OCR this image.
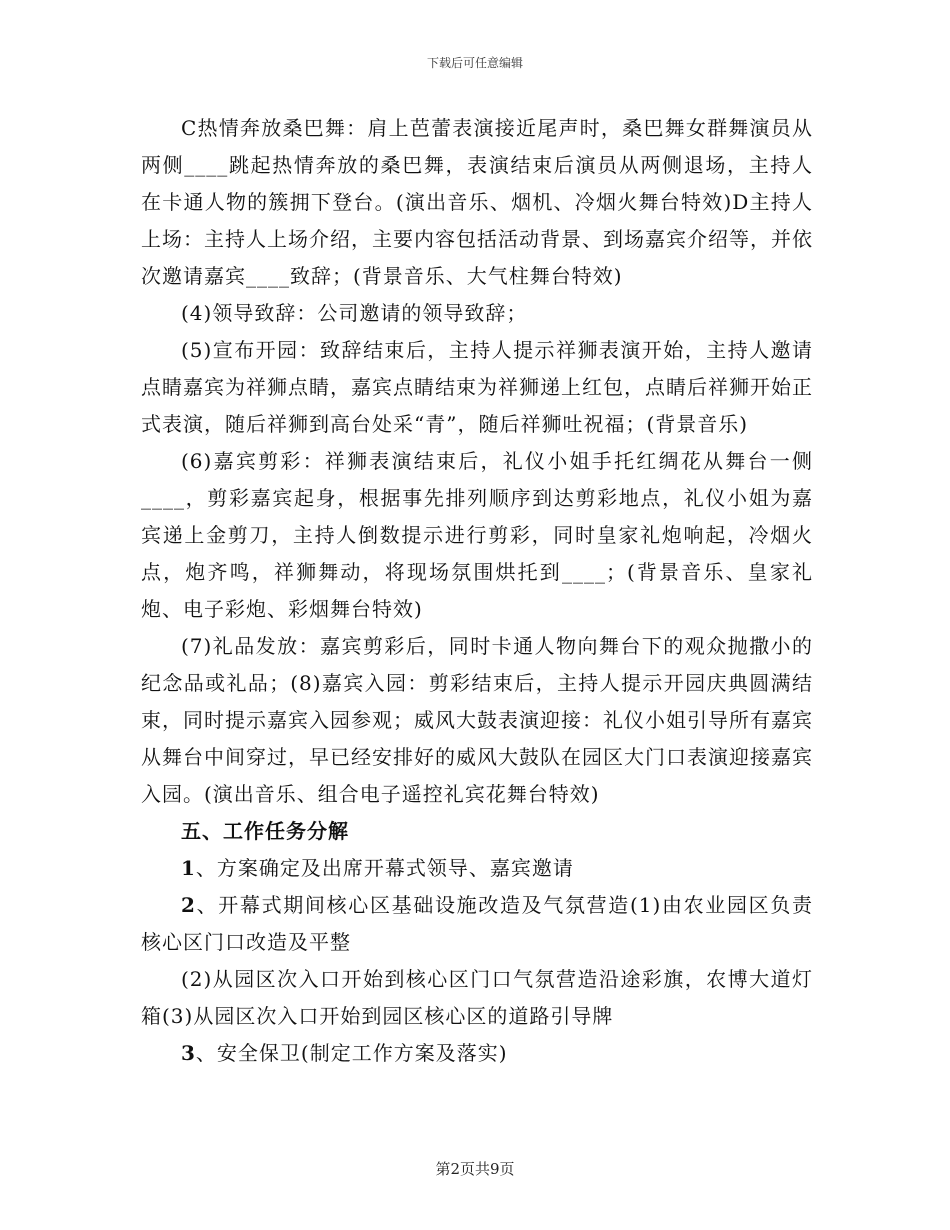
下载后可任意编辑

C热情奔放桑巴舞：肩上芭蕾表演接近尾声时，桑巴舞女群舞演员从两侧____跳起热情奔放的桑巴舞，表演结束后演员从两侧退场，主持人在卡通人物的簇拥下登台。(演出音乐、烟机、冷烟火舞台特效)D主持人上场：主持人上场介绍，主要内容包括活动背景、到场嘉宾介绍等，并依次邀请嘉宾____致辞；(背景音乐、大气柱舞台特效)

(4)领导致辞：公司邀请的领导致辞；

(5)宣布开园：致辞结束后，主持人提示祥狮表演开始，主持人邀请点睛嘉宾为祥狮点睛，嘉宾点睛结束为祥狮递上红包，点睛后祥狮开始正式表演，随后祥狮到高台处采“青”，随后祥狮吐祝福；(背景音乐)

(6)嘉宾剪彩：祥狮表演结束后，礼仪小姐手托红绸花从舞台一侧____，剪彩嘉宾起身，根据事先排列顺序到达剪彩地点，礼仪小姐为嘉宾递上金剪刀，主持人倒数提示进行剪彩，同时皇家礼炮响起，冷烟火点，炮齐鸣，祥狮舞动，将现场氛围烘托到____；(背景音乐、皇家礼炮、电子彩炮、彩烟舞台特效)

(7)礼品发放：嘉宾剪彩后，同时卡通人物向舞台下的观众抛撒小的纪念品或礼品；(8)嘉宾入园：剪彩结束后，主持人提示开园庆典圆满结束，同时提示嘉宾入园参观；威风大鼓表演迎接：礼仪小姐引导所有嘉宾从舞台中间穿过，早已经安排好的威风大鼓队在园区大门口表演迎接嘉宾入园。(演出音乐、组合电子遥控礼宾花舞台特效)

五、工作任务分解

1、方案确定及出席开幕式领导、嘉宾邀请

2、开幕式期间核心区基础设施改造及气氛营造(1)由农业园区负责核心区门口改造及平整

(2)从园区次入口开始到核心区门口气氛营造沿途彩旗，农博大道灯箱(3)从园区次入口开始到园区核心区的道路引导牌

3、安全保卫(制定工作方案及落实)

第2页共9页
